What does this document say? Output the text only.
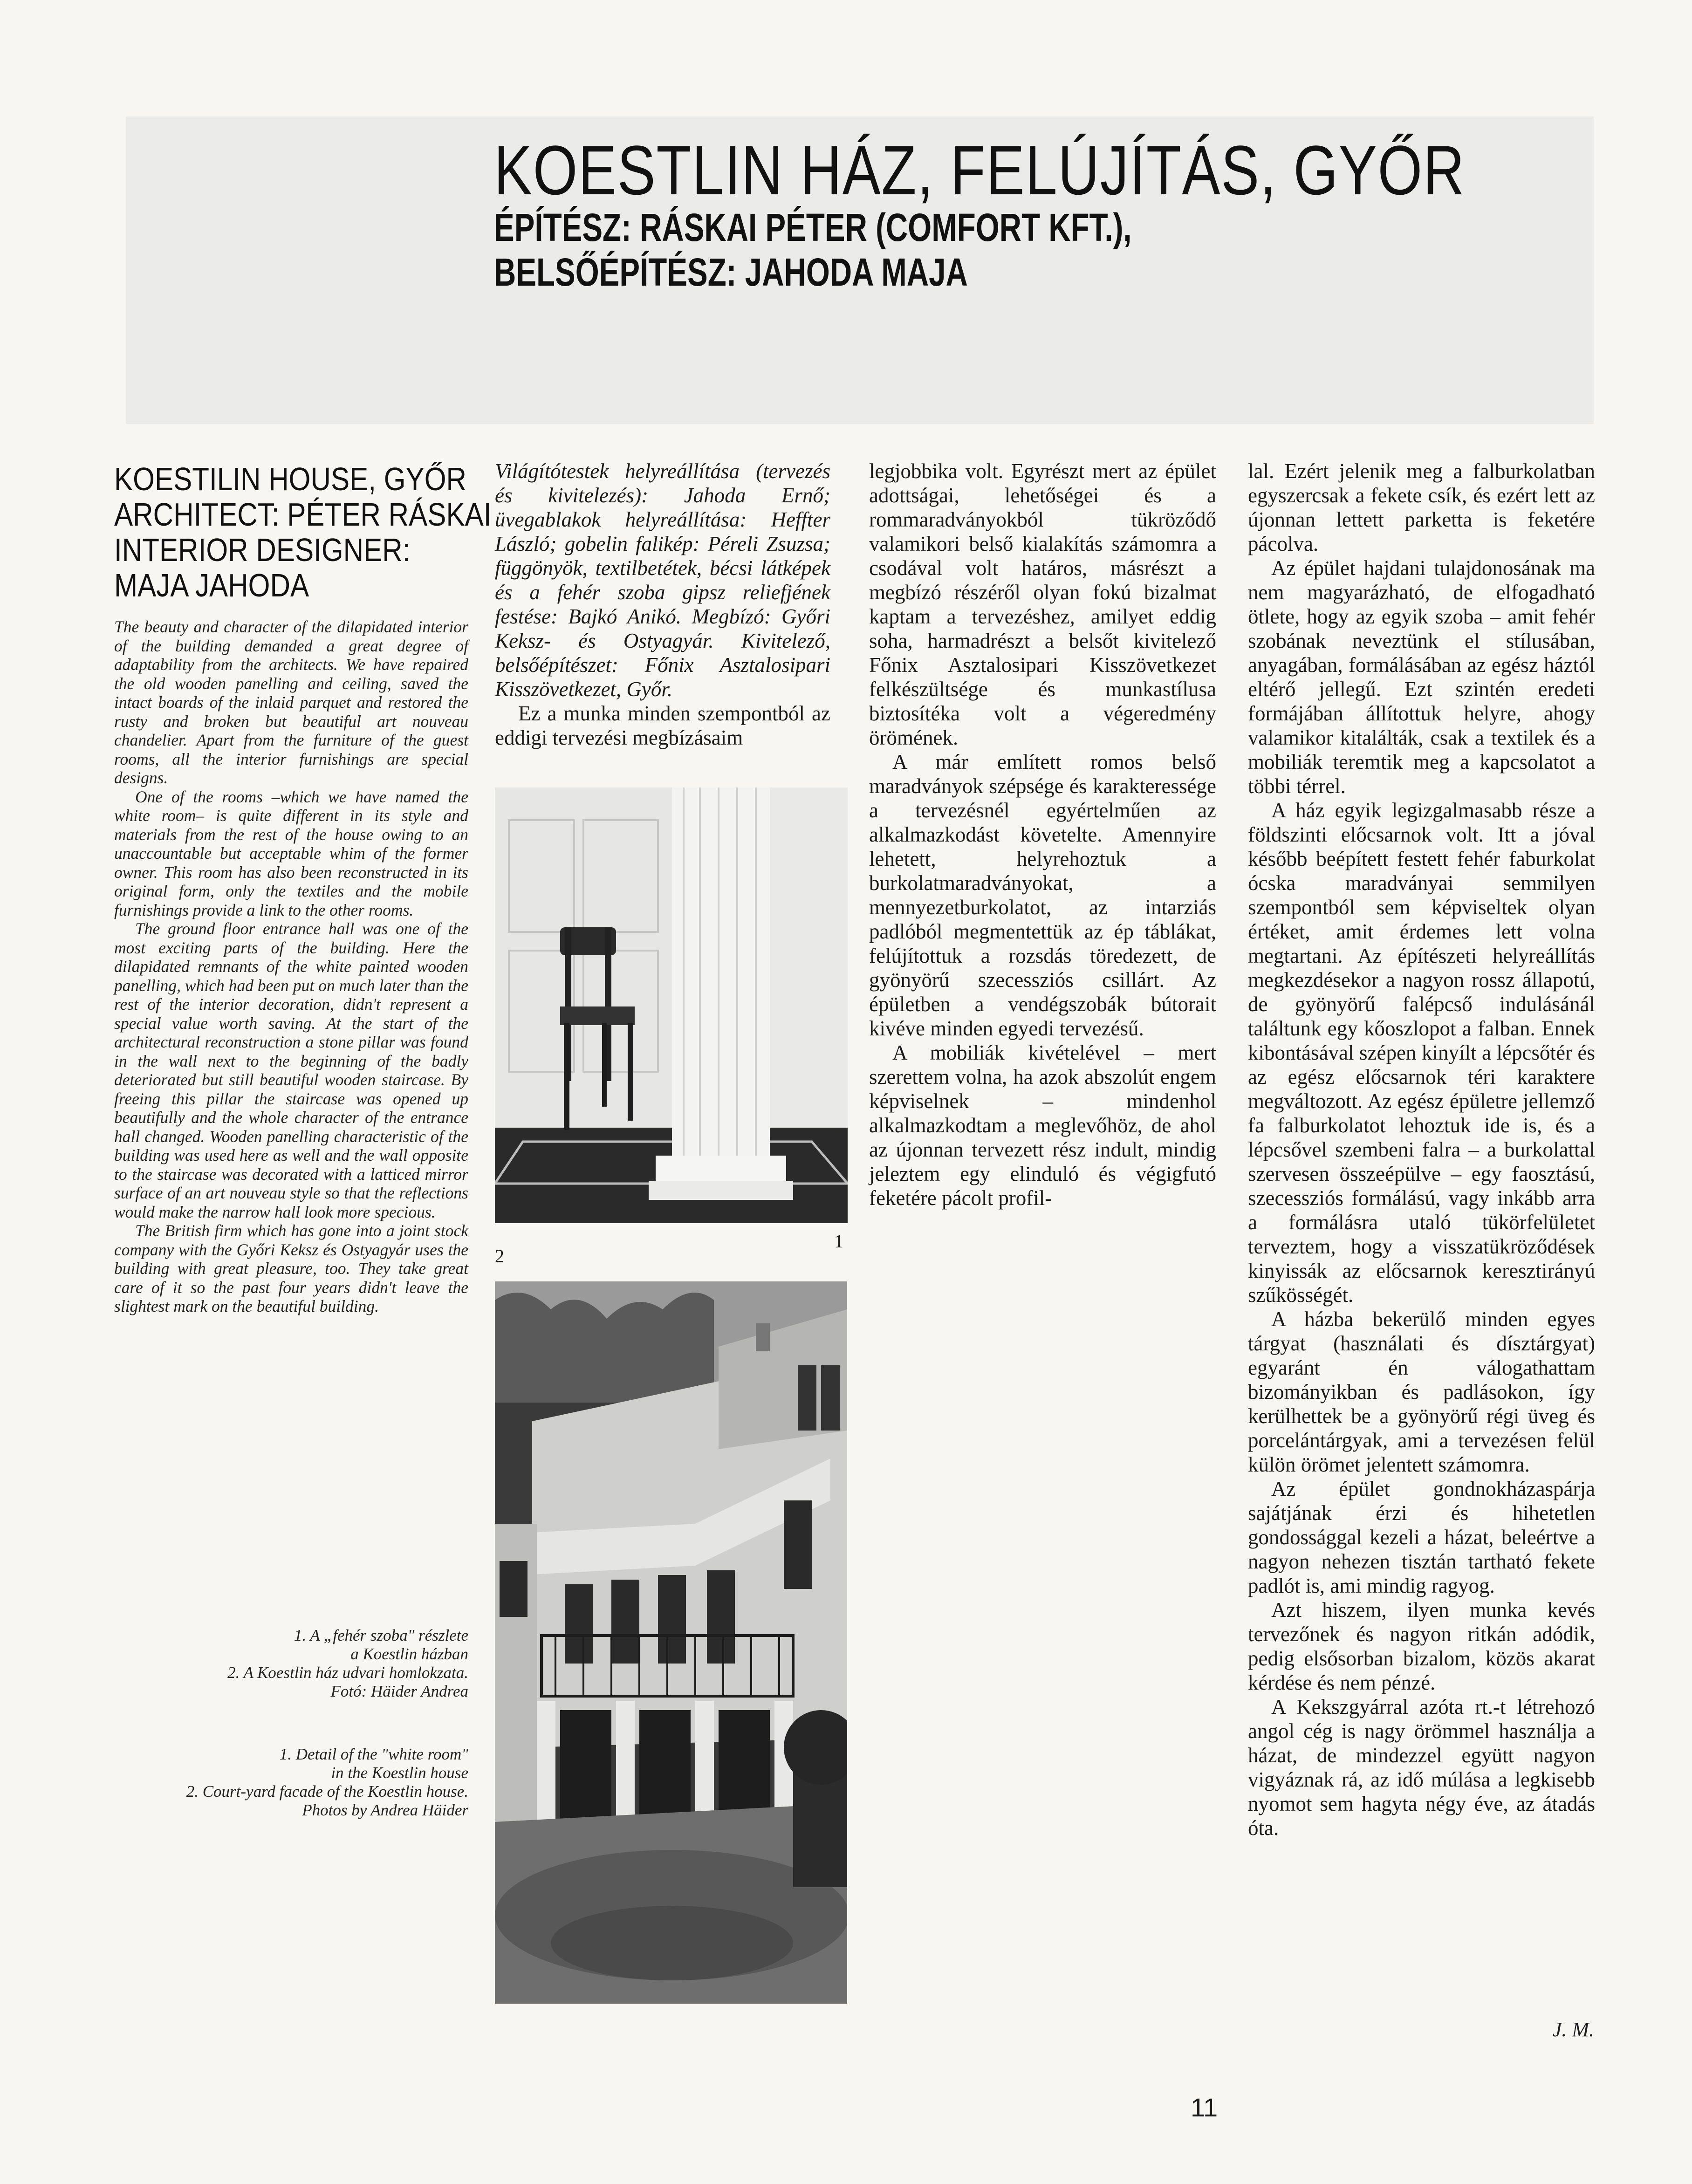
KOESTLIN HÁZ, FELÚJÍTÁS, GYŐR
ÉPÍTÉSZ: RÁSKAI PÉTER (COMFORT KFT.),
BELSŐÉPÍTÉSZ: JAHODA MAJA
KOESTILIN HOUSE, GYŐR
ARCHITECT: PÉTER RÁSKAI
INTERIOR DESIGNER:
MAJA JAHODA

The beauty and character of the dilapidated interior of the building demanded a great degree of adaptability from the architects. We have repaired the old wooden panelling and ceiling, saved the intact boards of the inlaid parquet and restored the rusty and broken but beautiful art nouveau chandelier. Apart from the furniture of the guest rooms, all the interior furnishings are special designs.

One of the rooms –which we have named the white room– is quite different in its style and materials from the rest of the house owing to an unaccountable but acceptable whim of the former owner. This room has also been reconstructed in its original form, only the textiles and the mobile furnishings provide a link to the other rooms.

The ground floor entrance hall was one of the most exciting parts of the building. Here the dilapidated remnants of the white painted wooden panelling, which had been put on much later than the rest of the interior decoration, didn't represent a special value worth saving. At the start of the architectural reconstruction a stone pillar was found in the wall next to the beginning of the badly deteriorated but still beautiful wooden staircase. By freeing this pillar the staircase was opened up beautifully and the whole character of the entrance hall changed. Wooden panelling characteristic of the building was used here as well and the wall opposite to the staircase was decorated with a latticed mirror surface of an art nouveau style so that the reflections would make the narrow hall look more specious.

The British firm which has gone into a joint stock company with the Győri Keksz és Ostyagyár uses the building with great pleasure, too. They take great care of it so the past four years didn't leave the slightest mark on the beautiful building.

1. A „fehér szoba" részlete
a Koestlin házban
2. A Koestlin ház udvari homlokzata.
Fotó: Häider Andrea
1. Detail of the "white room"
in the Koestlin house
2. Court-yard facade of the Koestlin house.
Photos by Andrea Häider

Világítótestek helyreállítása (tervezés és kivitelezés): Jahoda Ernő; üvegablakok helyreállítása: Heffter László; gobelin falikép: Péreli Zsuzsa; függönyök, textilbetétek, bécsi látképek és a fehér szoba gipsz reliefjének festése: Bajkó Anikó. Megbízó: Győri Keksz- és Ostyagyár. Kivitelező, belsőépítészet: Főnix Asztalosipari Kisszövetkezet, Győr.

Ez a munka minden szempontból az eddigi tervezési megbízásaim

1
2

legjobbika volt. Egyrészt mert az épület adottságai, lehetőségei és a rommaradványokból tükröződő valamikori belső kialakítás számomra a csodával volt határos, másrészt a megbízó részéről olyan fokú bizalmat kaptam a tervezéshez, amilyet eddig soha, harmadrészt a belsőt kivitelező Főnix Asztalosipari Kisszövetkezet felkészültsége és munkastílusa biztosítéka volt a végeredmény örömének.

A már említett romos belső maradványok szépsége és karakteressége a tervezésnél egyértelműen az alkalmazkodást követelte. Amennyire lehetett, helyrehoztuk a burkolatmaradványokat, a mennyezetburkolatot, az intarziás padlóból megmentettük az ép táblákat, felújítottuk a rozsdás töredezett, de gyönyörű szecessziós csillárt. Az épületben a vendégszobák bútorait kivéve minden egyedi tervezésű.

A mobiliák kivételével – mert szerettem volna, ha azok abszolút engem képviselnek – mindenhol alkalmazkodtam a meglevőhöz, de ahol az újonnan tervezett rész indult, mindig jeleztem egy elinduló és végigfutó feketére pácolt profil-

lal. Ezért jelenik meg a falburkolatban egyszercsak a fekete csík, és ezért lett az újonnan lettett parketta is feketére pácolva.

Az épület hajdani tulajdonosának ma nem magyarázható, de elfogadható ötlete, hogy az egyik szoba – amit fehér szobának neveztünk el stílusában, anyagában, formálásában az egész háztól eltérő jellegű. Ezt szintén eredeti formájában állítottuk helyre, ahogy valamikor kitalálták, csak a textilek és a mobiliák teremtik meg a kapcsolatot a többi térrel.

A ház egyik legizgalmasabb része a földszinti előcsarnok volt. Itt a jóval később beépített festett fehér faburkolat ócska maradványai semmilyen szempontból sem képviseltek olyan értéket, amit érdemes lett volna megtartani. Az építészeti helyreállítás megkezdésekor a nagyon rossz állapotú, de gyönyörű falépcső indulásánál találtunk egy kőoszlopot a falban. Ennek kibontásával szépen kinyílt a lépcsőtér és az egész előcsarnok téri karaktere megváltozott. Az egész épületre jellemző fa falburkolatot lehoztuk ide is, és a lépcsővel szembeni falra – a burkolattal szervesen összeépülve – egy faosztású, szecessziós formálású, vagy inkább arra a formálásra utaló tükörfelületet terveztem, hogy a visszatükröződések kinyissák az előcsarnok keresztirányú szűkösségét.

A házba bekerülő minden egyes tárgyat (használati és dísztárgyat) egyaránt én válogathattam bizományikban és padlásokon, így kerülhettek be a gyönyörű régi üveg és porcelántárgyak, ami a tervezésen felül külön örömet jelentett számomra.

Az épület gondnokházaspárja sajátjának érzi és hihetetlen gondossággal kezeli a házat, beleértve a nagyon nehezen tisztán tartható fekete padlót is, ami mindig ragyog.

Azt hiszem, ilyen munka kevés tervezőnek és nagyon ritkán adódik, pedig elsősorban bizalom, közös akarat kérdése és nem pénzé.

A Kekszgyárral azóta rt.-t létrehozó angol cég is nagy örömmel használja a házat, de mindezzel együtt nagyon vigyáznak rá, az idő múlása a legkisebb nyomot sem hagyta négy éve, az átadás óta.

J. M.
11
